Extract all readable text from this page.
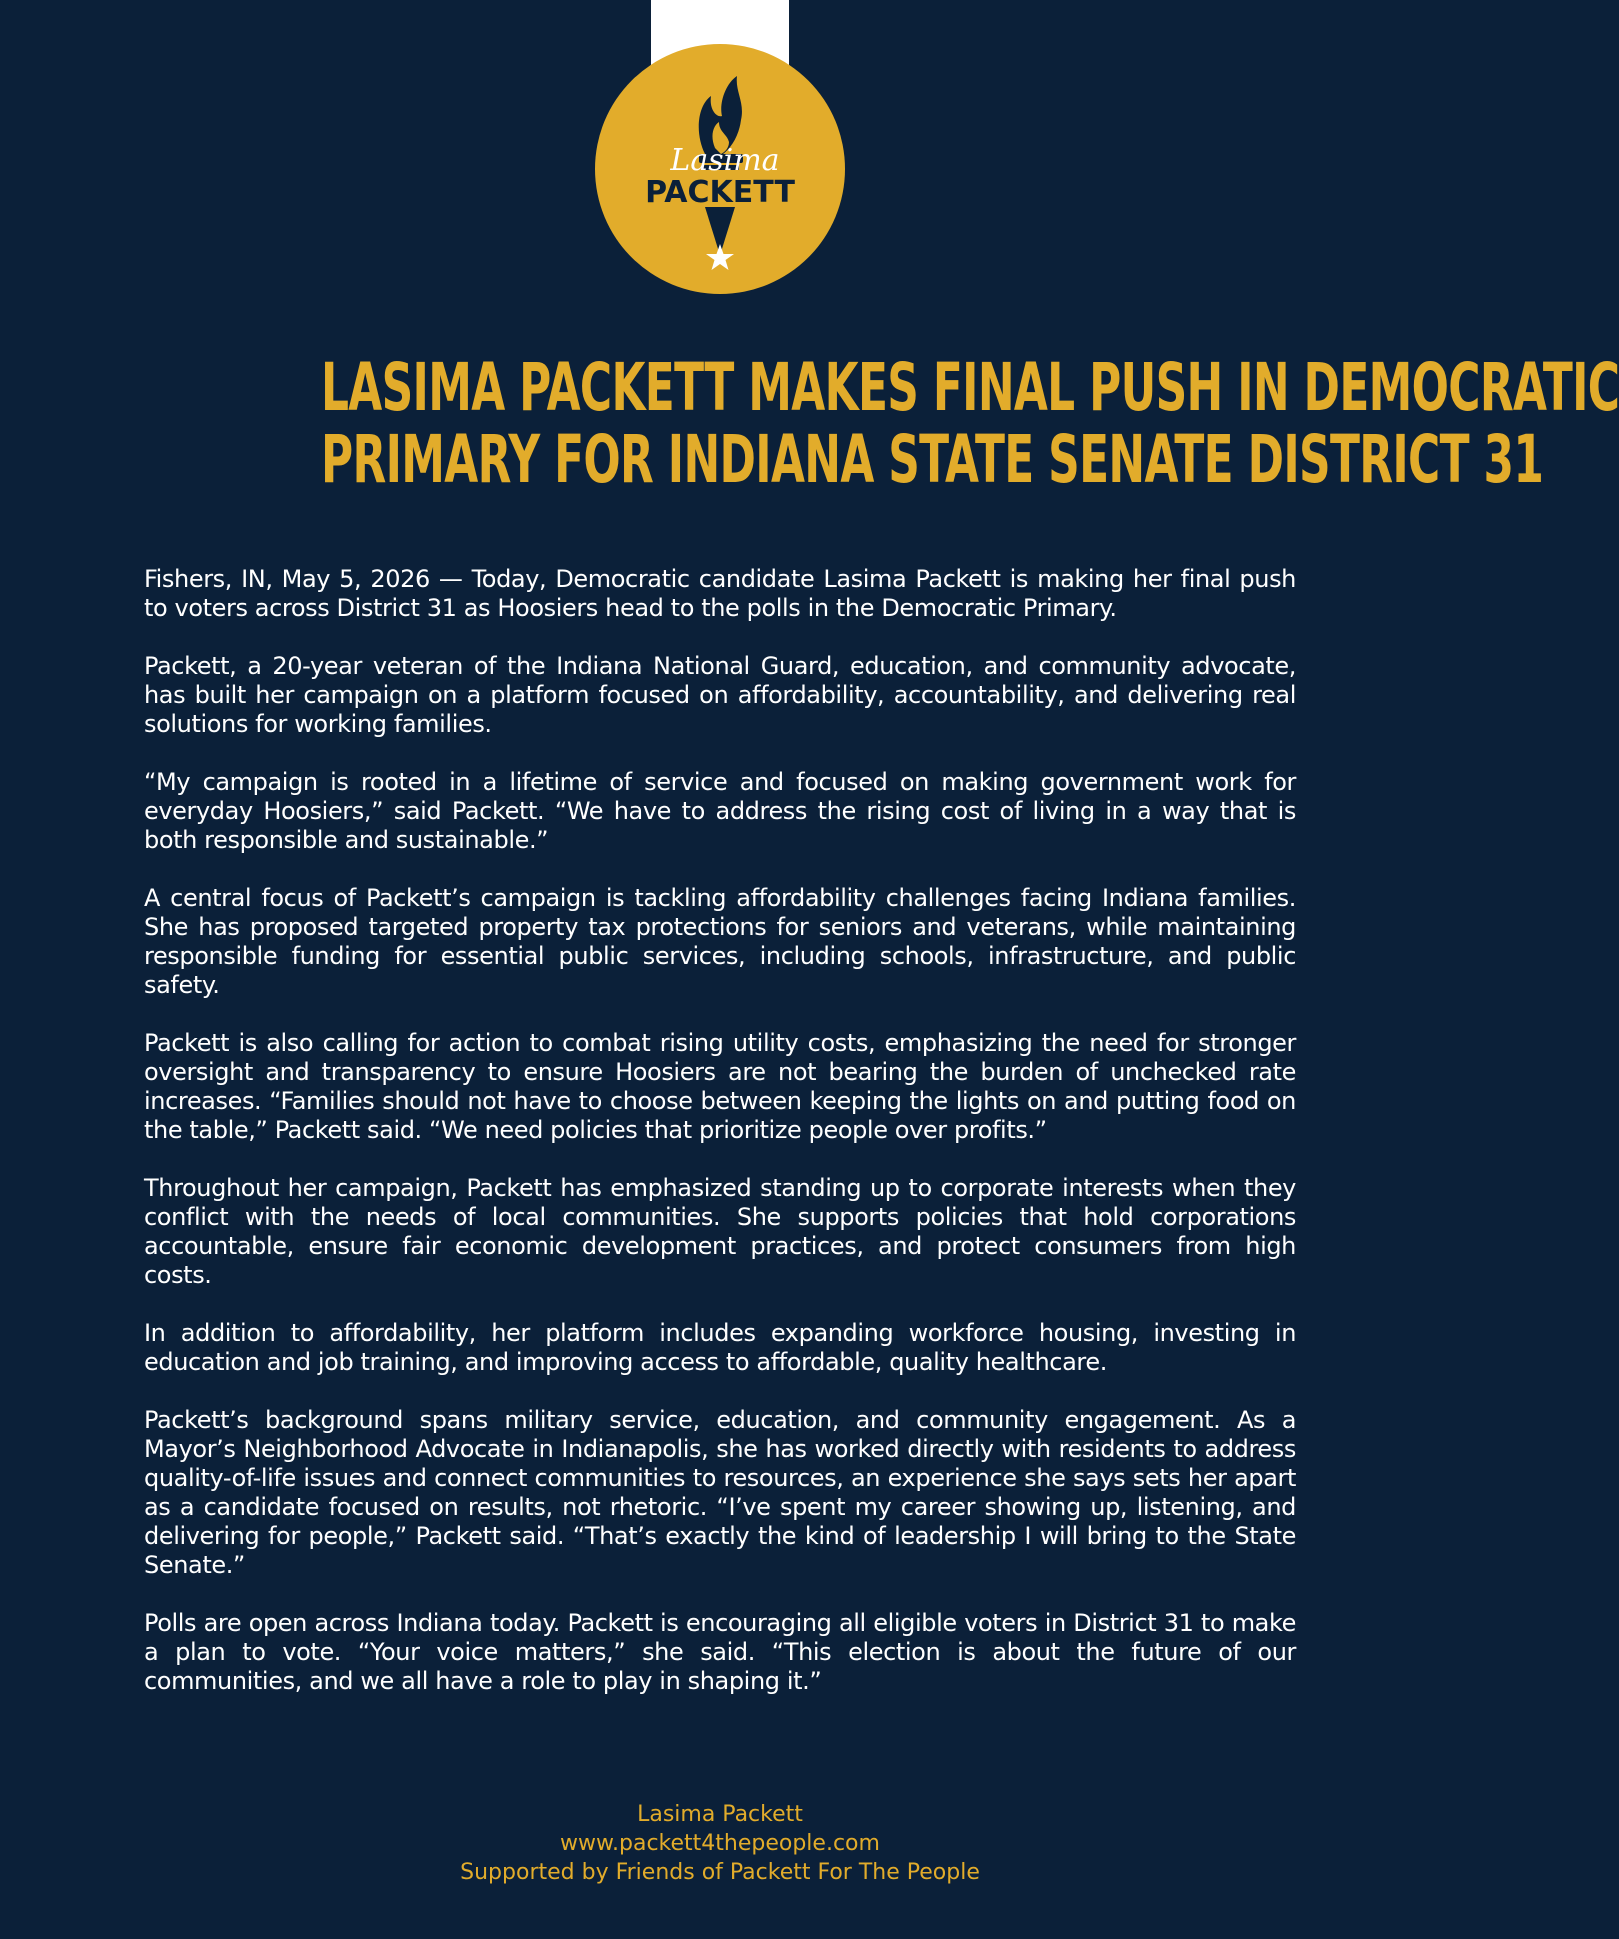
Lasima
PACKETT
LASIMA PACKETT MAKES FINAL PUSH IN DEMOCRATIC
PRIMARY FOR INDIANA STATE SENATE DISTRICT 31

Fishers, IN, May 5, 2026 — Today, Democratic candidate Lasima Packett is making her final push to voters across District 31 as Hoosiers head to the polls in the Democratic Primary.

Packett, a 20-year veteran of the Indiana National Guard, education, and community advocate, has built her campaign on a platform focused on affordability, accountability, and delivering real solutions for working families.

“My campaign is rooted in a lifetime of service and focused on making government work for everyday Hoosiers,” said Packett. “We have to address the rising cost of living in a way that is both responsible and sustainable.”

A central focus of Packett’s campaign is tackling affordability challenges facing Indiana families. She has proposed targeted property tax protections for seniors and veterans, while maintaining responsible funding for essential public services, including schools, infrastructure, and public safety.

Packett is also calling for action to combat rising utility costs, emphasizing the need for stronger oversight and transparency to ensure Hoosiers are not bearing the burden of unchecked rate increases. “Families should not have to choose between keeping the lights on and putting food on the table,” Packett said. “We need policies that prioritize people over profits.”

Throughout her campaign, Packett has emphasized standing up to corporate interests when they conflict with the needs of local communities. She supports policies that hold corporations accountable, ensure fair economic development practices, and protect consumers from high costs.

In addition to affordability, her platform includes expanding workforce housing, investing in education and job training, and improving access to affordable, quality healthcare.

Packett’s background spans military service, education, and community engagement. As a Mayor’s Neighborhood Advocate in Indianapolis, she has worked directly with residents to address quality-of-life issues and connect communities to resources, an experience she says sets her apart as a candidate focused on results, not rhetoric. “I’ve spent my career showing up, listening, and delivering for people,” Packett said. “That’s exactly the kind of leadership I will bring to the State Senate.”

Polls are open across Indiana today. Packett is encouraging all eligible voters in District 31 to make a plan to vote. “Your voice matters,” she said. “This election is about the future of our communities, and we all have a role to play in shaping it.”

Lasima Packett
www.packett4thepeople.com
Supported by Friends of Packett For The People
